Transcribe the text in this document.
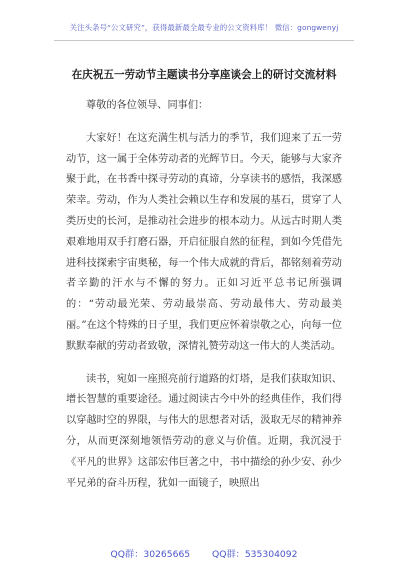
关注头条号“公文研究”，获得最新最全最专业的公文资料库！ 微信：gongwenyj
在庆祝五一劳动节主题读书分享座谈会上的研讨交流材料

尊敬的各位领导、同事们：

大家好！在这充满生机与活力的季节，我们迎来了五一劳动节，这一属于全体劳动者的光辉节日。今天，能够与大家齐聚于此，在书香中探寻劳动的真谛，分享读书的感悟，我深感荣幸。劳动，作为人类社会赖以生存和发展的基石，贯穿了人类历史的长河，是推动社会进步的根本动力。从远古时期人类艰难地用双手打磨石器，开启征服自然的征程，到如今凭借先进科技探索宇宙奥秘，每一个伟大成就的背后，都铭刻着劳动者辛勤的汗水与不懈的努力。正如习近平总书记所强调的：“劳动最光荣、劳动最崇高、劳动最伟大、劳动最美丽。”在这个特殊的日子里，我们更应怀着崇敬之心，向每一位默默奉献的劳动者致敬，深情礼赞劳动这一伟大的人类活动。

读书，宛如一座照亮前行道路的灯塔，是我们获取知识、增长智慧的重要途径。通过阅读古今中外的经典佳作，我们得以穿越时空的界限，与伟大的思想者对话，汲取无尽的精神养分，从而更深刻地领悟劳动的意义与价值。近期，我沉浸于《平凡的世界》这部宏伟巨著之中，书中描绘的孙少安、孙少平兄弟的奋斗历程，犹如一面镜子，映照出

QQ群：30265665 QQ群：535304092
